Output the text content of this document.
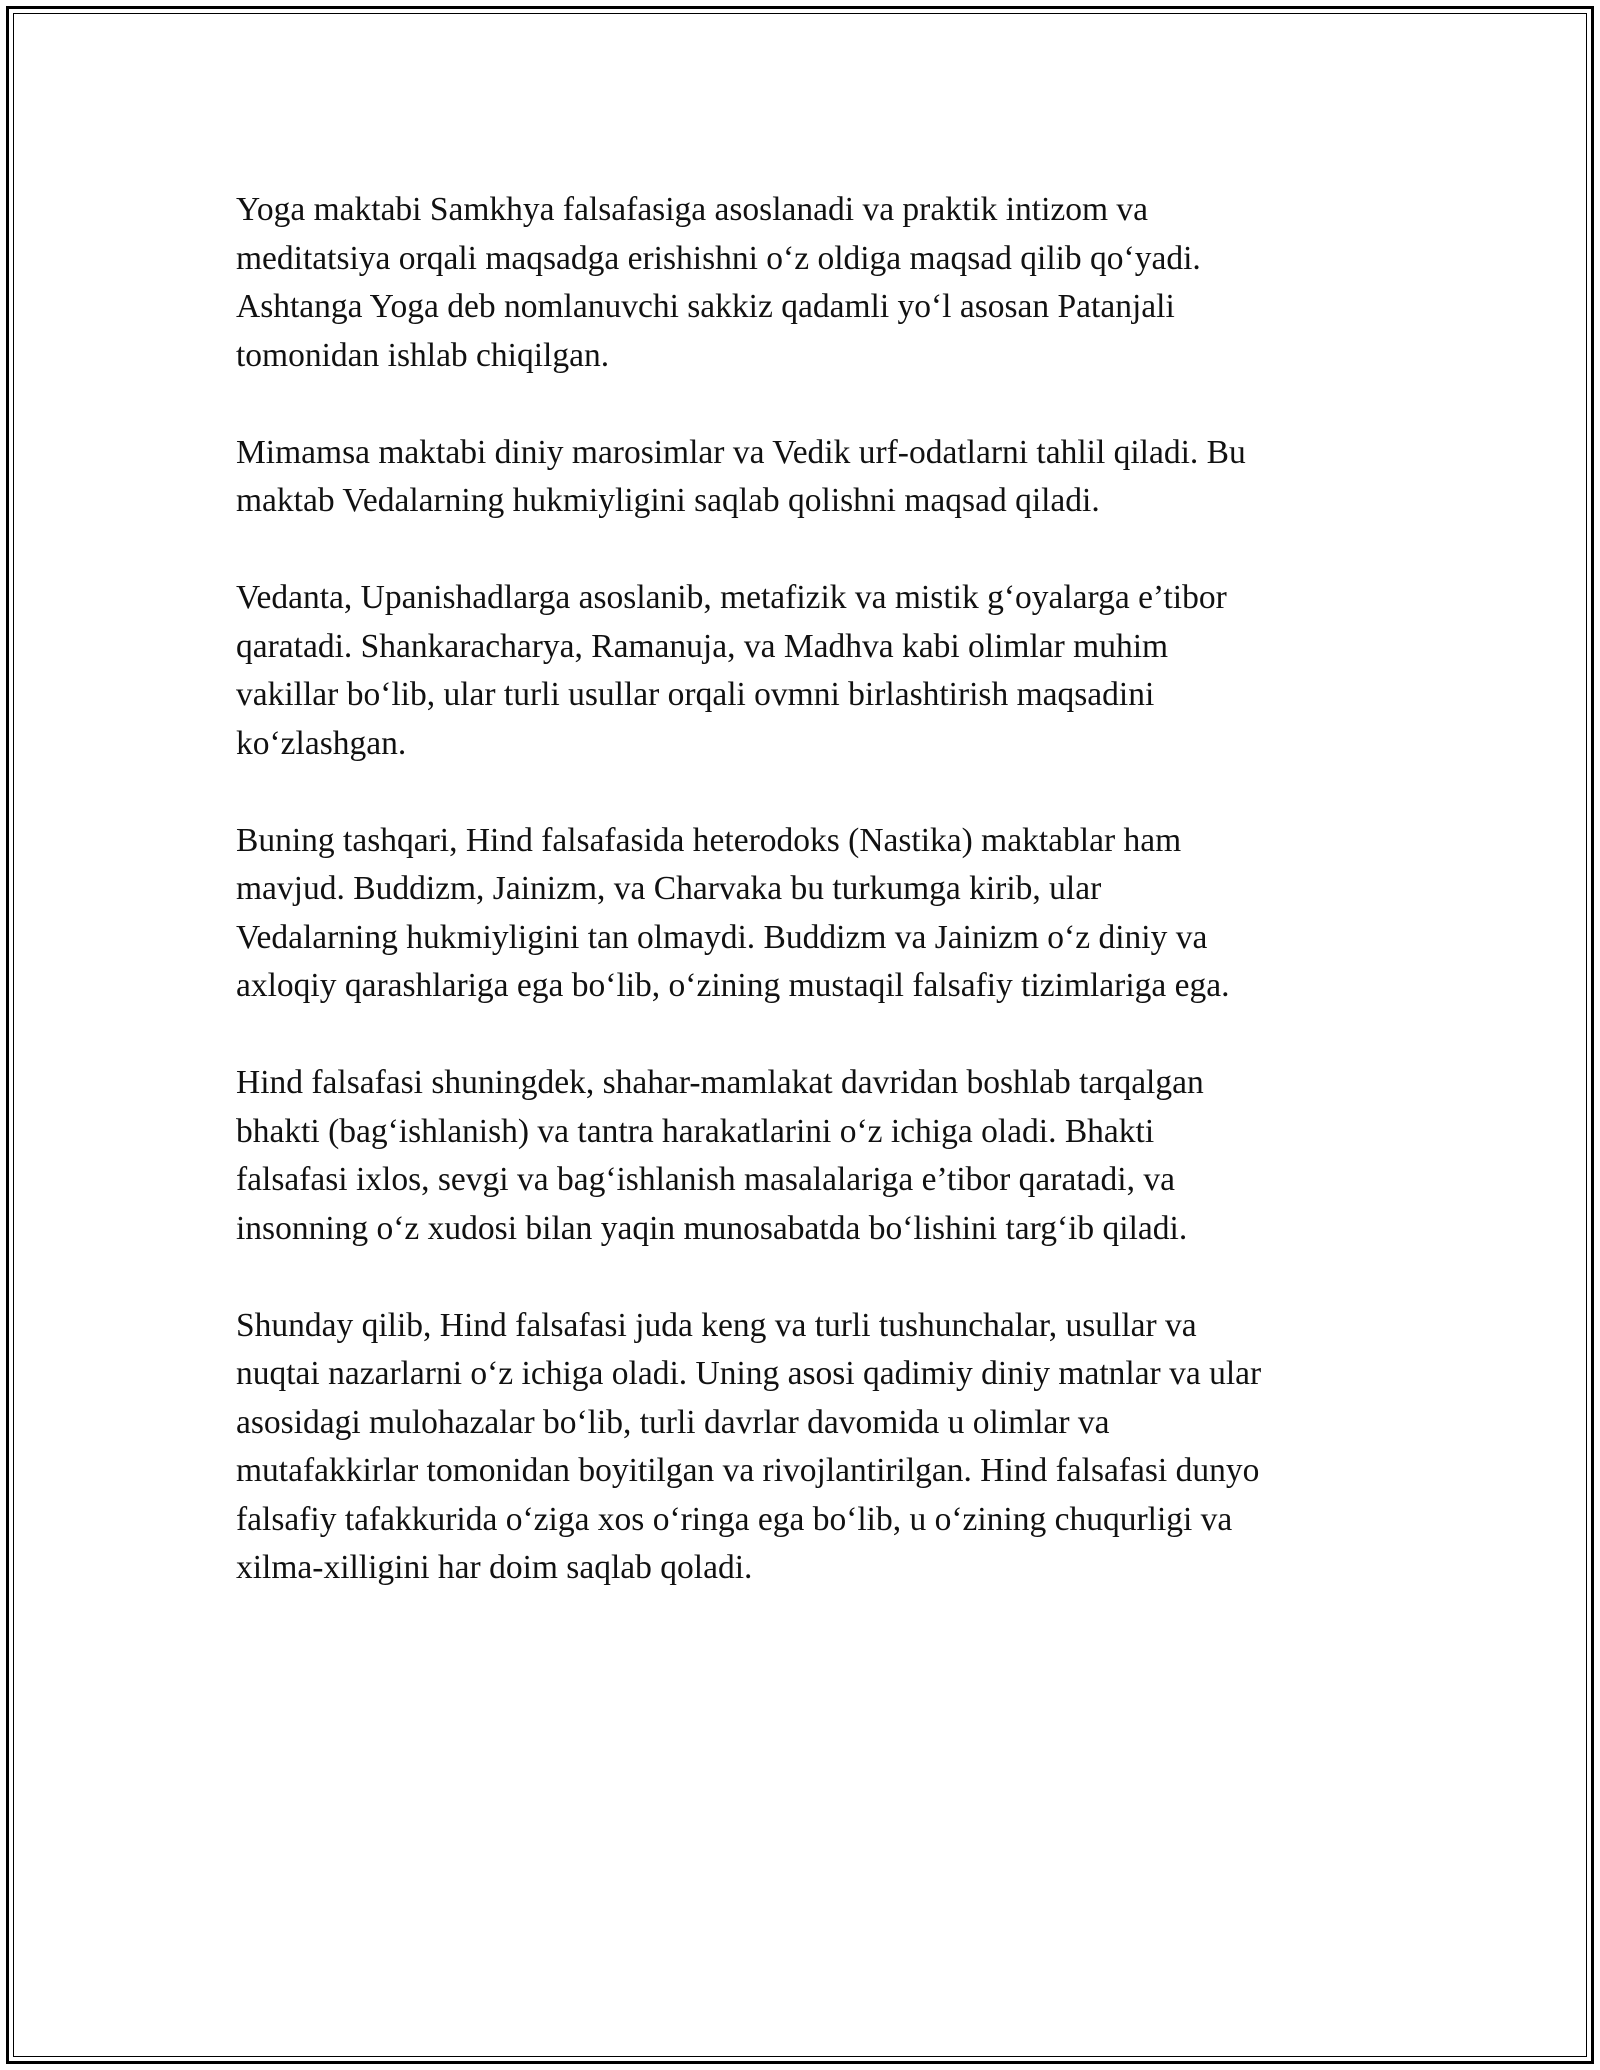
Yoga maktabi Samkhya falsafasiga asoslanadi va praktik intizom va
meditatsiya orqali maqsadga erishishni o‘z oldiga maqsad qilib qo‘yadi.
Ashtanga Yoga deb nomlanuvchi sakkiz qadamli yo‘l asosan Patanjali
tomonidan ishlab chiqilgan.

Mimamsa maktabi diniy marosimlar va Vedik urf-odatlarni tahlil qiladi. Bu
maktab Vedalarning hukmiyligini saqlab qolishni maqsad qiladi.

Vedanta, Upanishadlarga asoslanib, metafizik va mistik g‘oyalarga e’tibor
qaratadi. Shankaracharya, Ramanuja, va Madhva kabi olimlar muhim
vakillar bo‘lib, ular turli usullar orqali ovmni birlashtirish maqsadini
ko‘zlashgan.

Buning tashqari, Hind falsafasida heterodoks (Nastika) maktablar ham
mavjud. Buddizm, Jainizm, va Charvaka bu turkumga kirib, ular
Vedalarning hukmiyligini tan olmaydi. Buddizm va Jainizm o‘z diniy va
axloqiy qarashlariga ega bo‘lib, o‘zining mustaqil falsafiy tizimlariga ega.

Hind falsafasi shuningdek, shahar-mamlakat davridan boshlab tarqalgan
bhakti (bag‘ishlanish) va tantra harakatlarini o‘z ichiga oladi. Bhakti
falsafasi ixlos, sevgi va bag‘ishlanish masalalariga e’tibor qaratadi, va
insonning o‘z xudosi bilan yaqin munosabatda bo‘lishini targ‘ib qiladi.

Shunday qilib, Hind falsafasi juda keng va turli tushunchalar, usullar va
nuqtai nazarlarni o‘z ichiga oladi. Uning asosi qadimiy diniy matnlar va ular
asosidagi mulohazalar bo‘lib, turli davrlar davomida u olimlar va
mutafakkirlar tomonidan boyitilgan va rivojlantirilgan. Hind falsafasi dunyo
falsafiy tafakkurida o‘ziga xos o‘ringa ega bo‘lib, u o‘zining chuqurligi va
xilma-xilligini har doim saqlab qoladi.
